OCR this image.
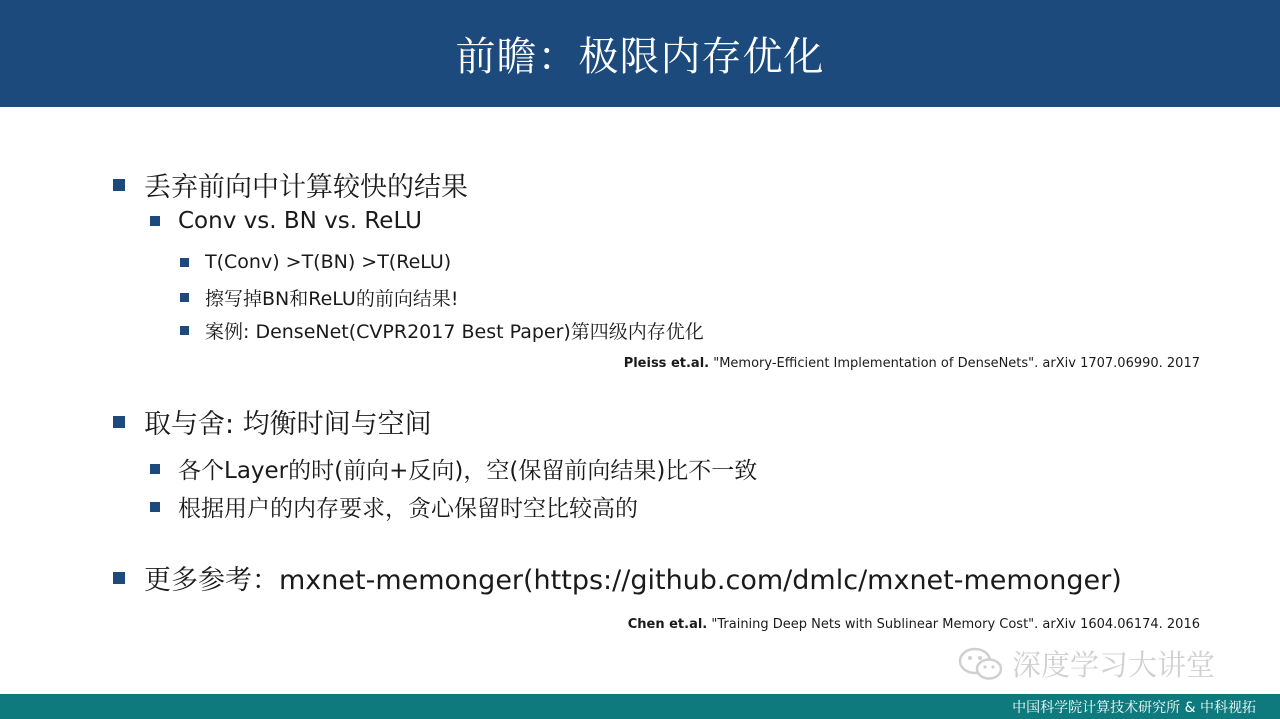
前瞻：极限内存优化
丢弃前向中计算较快的结果
Conv vs. BN vs. ReLU
T(Conv) >T(BN) >T(ReLU)
擦写掉BN和ReLU的前向结果!
案例: DenseNet(CVPR2017 Best Paper)第四级内存优化
Pleiss et.al. "Memory-Efficient Implementation of DenseNets". arXiv 1707.06990. 2017
取与舍: 均衡时间与空间
各个Layer的时(前向+反向)，空(保留前向结果)比不一致
根据用户的内存要求，贪心保留时空比较高的
更多参考：mxnet-memonger(https://github.com/dmlc/mxnet-memonger)
Chen et.al. "Training Deep Nets with Sublinear Memory Cost". arXiv 1604.06174. 2016
深度学习大讲堂
中国科学院计算技术研究所 & 中科视拓
